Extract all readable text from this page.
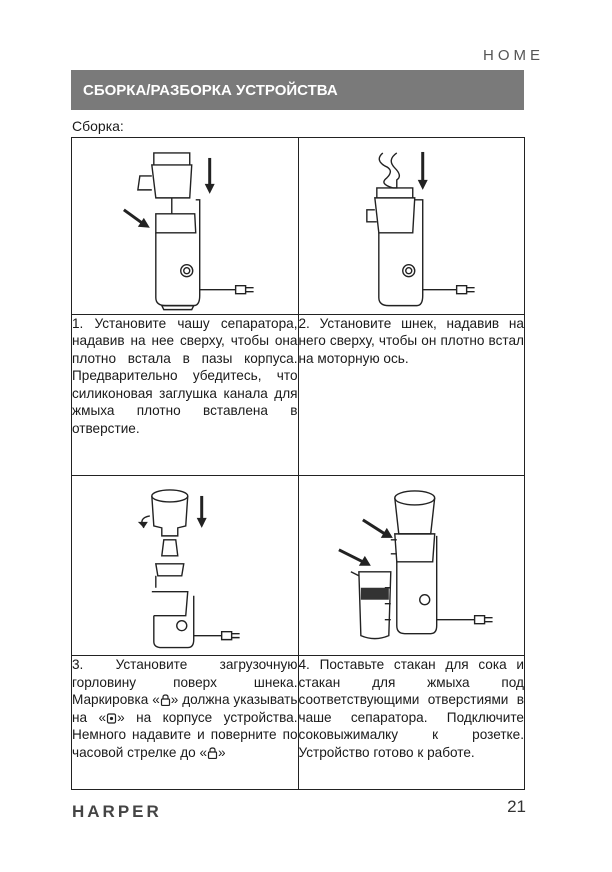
HOME
СБОРКА/РАЗБОРКА УСТРОЙСТВА
Сборка:

1. Установите чашу сепаратора, надавив на нее сверху, чтобы она плотно встала в пазы корпуса. Предварительно убедитесь, что силиконовая заглушка канала для жмыха плотно вставлена в отверстие.	2. Установите шнек, надавив на него сверху, чтобы он плотно встал на моторную ось.

3. Установите загрузочную горловину поверх шнека. Маркировка « » должна указывать на « » на корпусе устройства. Немного надавите и поверните по часовой стрелке до « »	4. Поставьте стакан для сока и стакан для жмыха под соответствующими отверстиями в чаше сепаратора. Подключите соковыжималку к розетке. Устройство готово к работе.
HARPER	21
